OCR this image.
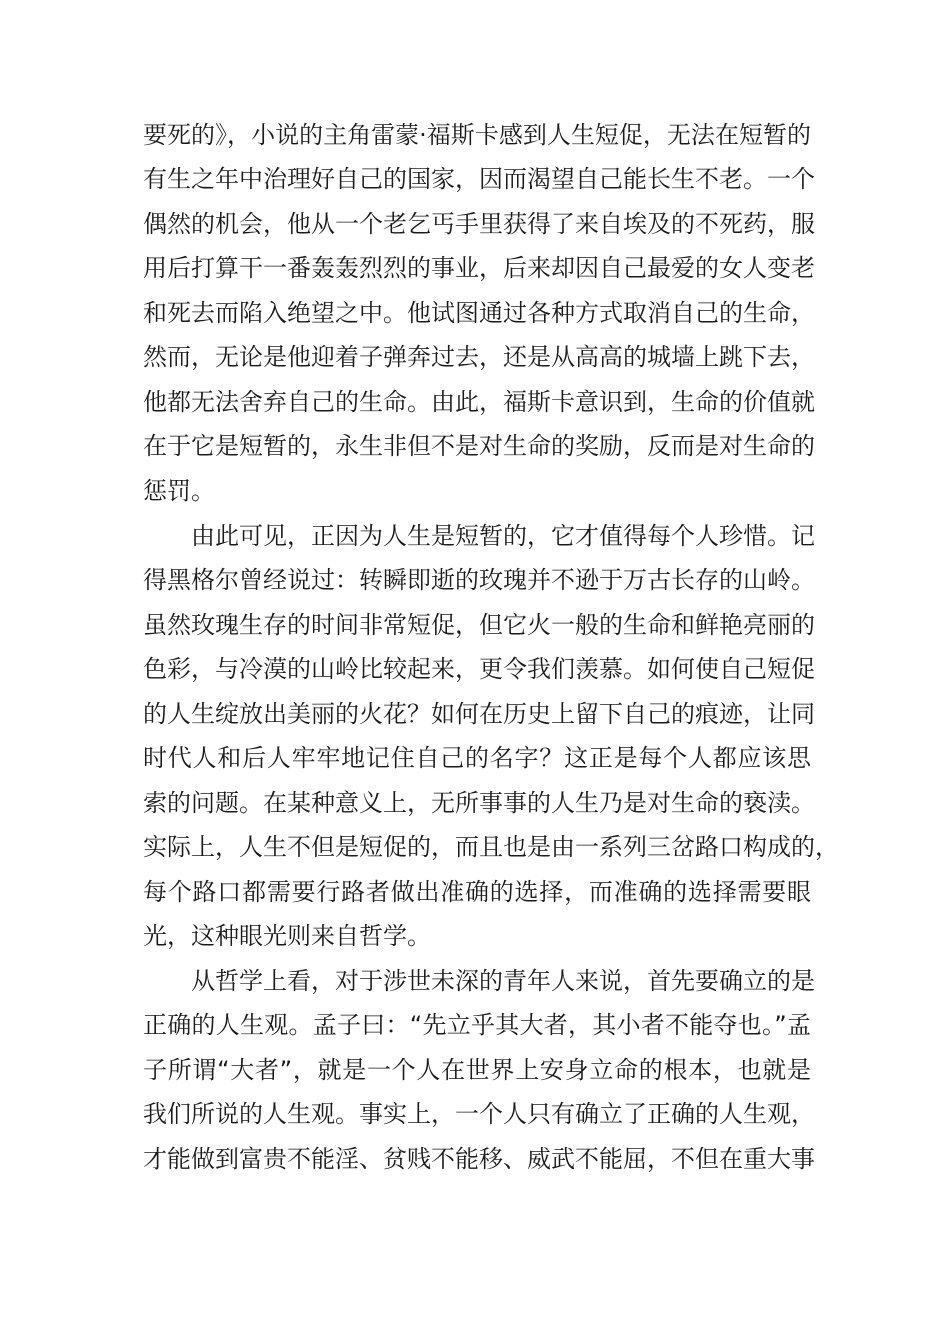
要死的》，小说的主角雷蒙·福斯卡感到人生短促，无法在短暂的
有生之年中治理好自己的国家，因而渴望自己能长生不老。一个
偶然的机会，他从一个老乞丐手里获得了来自埃及的不死药，服
用后打算干一番轰轰烈烈的事业，后来却因自己最爱的女人变老
和死去而陷入绝望之中。他试图通过各种方式取消自己的生命，
然而，无论是他迎着子弹奔过去，还是从高高的城墙上跳下去，
他都无法舍弃自己的生命。由此，福斯卡意识到，生命的价值就
在于它是短暂的，永生非但不是对生命的奖励，反而是对生命的
惩罚。
由此可见，正因为人生是短暂的，它才值得每个人珍惜。记
得黑格尔曾经说过：转瞬即逝的玫瑰并不逊于万古长存的山岭。
虽然玫瑰生存的时间非常短促，但它火一般的生命和鲜艳亮丽的
色彩，与冷漠的山岭比较起来，更令我们羡慕。如何使自己短促
的人生绽放出美丽的火花？如何在历史上留下自己的痕迹，让同
时代人和后人牢牢地记住自己的名字？这正是每个人都应该思
索的问题。在某种意义上，无所事事的人生乃是对生命的亵渎。
实际上，人生不但是短促的，而且也是由一系列三岔路口构成的，
每个路口都需要行路者做出准确的选择，而准确的选择需要眼
光，这种眼光则来自哲学。
从哲学上看，对于涉世未深的青年人来说，首先要确立的是
正确的人生观。孟子曰：“先立乎其大者，其小者不能夺也。”孟
子所谓“大者”，就是一个人在世界上安身立命的根本，也就是
我们所说的人生观。事实上，一个人只有确立了正确的人生观，
才能做到富贵不能淫、贫贱不能移、威武不能屈，不但在重大事
